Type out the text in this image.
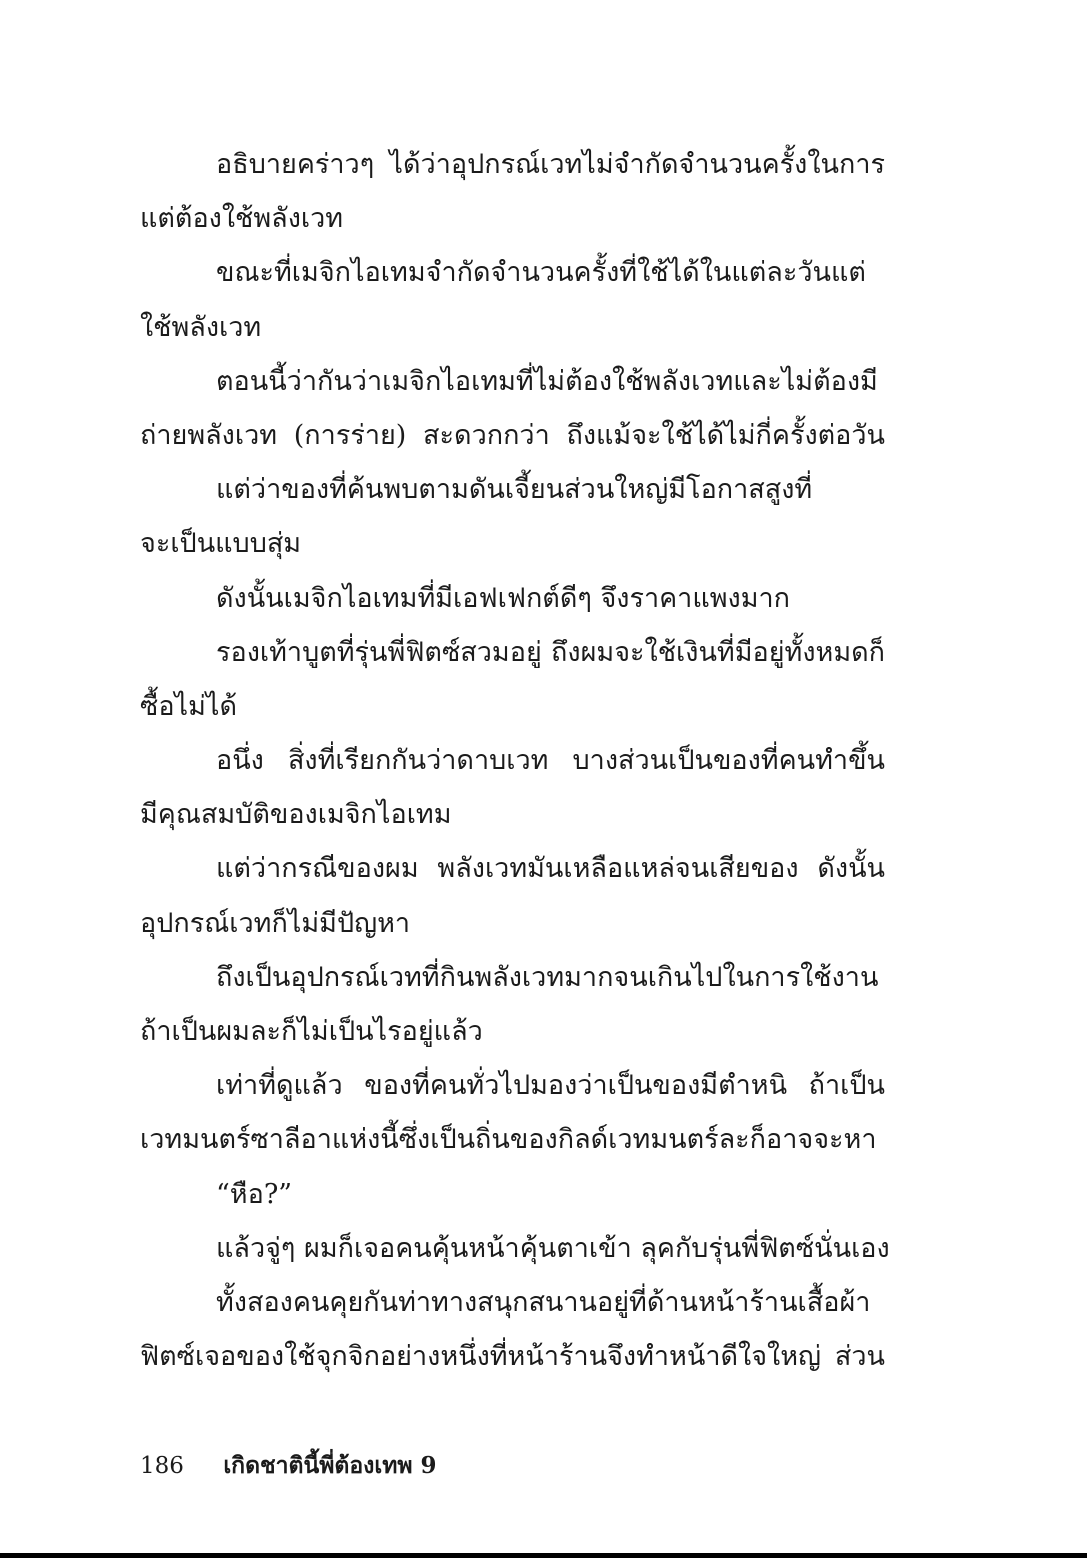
อธิบายคร่าวๆ ได้ว่าอุปกรณ์เวทไม่จำกัดจำนวนครั้งในการ
แต่ต้องใช้พลังเวท
ขณะที่เมจิกไอเทมจำกัดจำนวนครั้งที่ใช้ได้ในแต่ละวันแต่
ใช้พลังเวท
ตอนนี้ว่ากันว่าเมจิกไอเทมที่ไม่ต้องใช้พลังเวทและไม่ต้องมี
ถ่ายพลังเวท (การร่าย) สะดวกกว่า ถึงแม้จะใช้ได้ไม่กี่ครั้งต่อวัน
แต่ว่าของที่ค้นพบตามดันเจี้ยนส่วนใหญ่มีโอกาสสูงที่
จะเป็นแบบสุ่ม
ดังนั้นเมจิกไอเทมที่มีเอฟเฟกต์ดีๆ จึงราคาแพงมาก
รองเท้าบูตที่รุ่นพี่ฟิตซ์สวมอยู่ ถึงผมจะใช้เงินที่มีอยู่ทั้งหมดก็
ซื้อไม่ได้
อนึ่ง สิ่งที่เรียกกันว่าดาบเวท บางส่วนเป็นของที่คนทำขึ้น
มีคุณสมบัติของเมจิกไอเทม
แต่ว่ากรณีของผม พลังเวทมันเหลือแหล่จนเสียของ ดังนั้น
อุปกรณ์เวทก็ไม่มีปัญหา
ถึงเป็นอุปกรณ์เวทที่กินพลังเวทมากจนเกินไปในการใช้งาน
ถ้าเป็นผมละก็ไม่เป็นไรอยู่แล้ว
เท่าที่ดูแล้ว ของที่คนทั่วไปมองว่าเป็นของมีตำหนิ ถ้าเป็น
เวทมนตร์ซาลีอาแห่งนี้ซึ่งเป็นถิ่นของกิลด์เวทมนตร์ละก็อาจจะหา
“หือ?”
แล้วจู่ๆ ผมก็เจอคนคุ้นหน้าคุ้นตาเข้า ลุคกับรุ่นพี่ฟิตซ์นั่นเอง
ทั้งสองคนคุยกันท่าทางสนุกสนานอยู่ที่ด้านหน้าร้านเสื้อผ้า
ฟิตซ์เจอของใช้จุกจิกอย่างหนึ่งที่หน้าร้านจึงทำหน้าดีใจใหญ่ ส่วน
186 เกิดชาตินี้พี่ต้องเทพ 9
